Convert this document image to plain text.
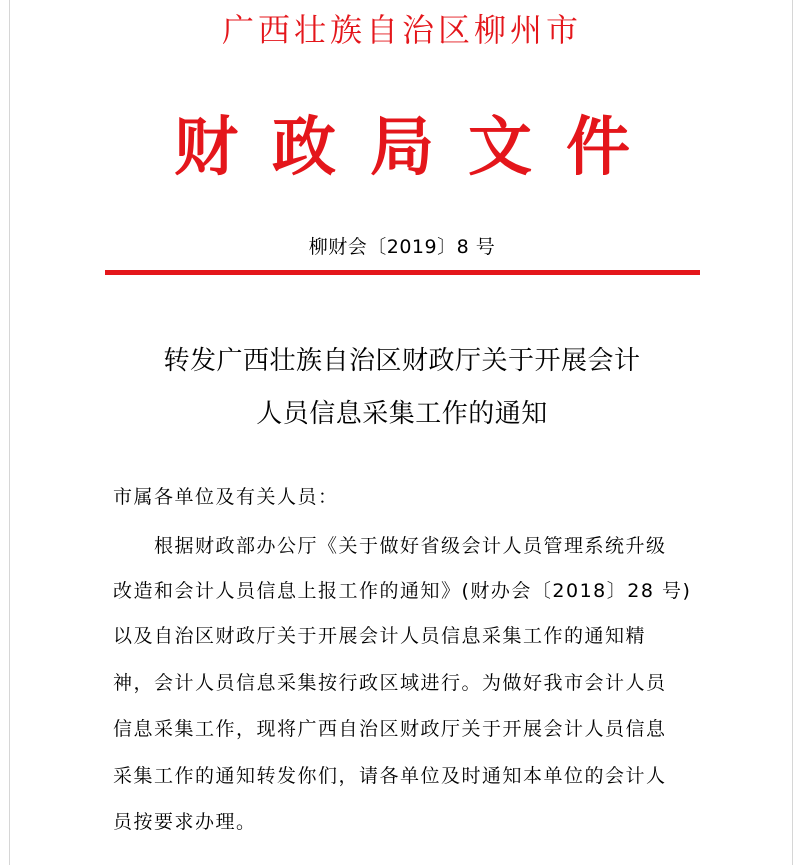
广西壮族自治区柳州市
财政局文件
柳财会〔2019〕8 号
转发广西壮族自治区财政厅关于开展会计
人员信息采集工作的通知
市属各单位及有关人员：
　　根据财政部办公厅《关于做好省级会计人员管理系统升级
改造和会计人员信息上报工作的通知》(财办会〔2018〕28 号)
以及自治区财政厅关于开展会计人员信息采集工作的通知精
神，会计人员信息采集按行政区域进行。为做好我市会计人员
信息采集工作，现将广西自治区财政厅关于开展会计人员信息
采集工作的通知转发你们，请各单位及时通知本单位的会计人
员按要求办理。
